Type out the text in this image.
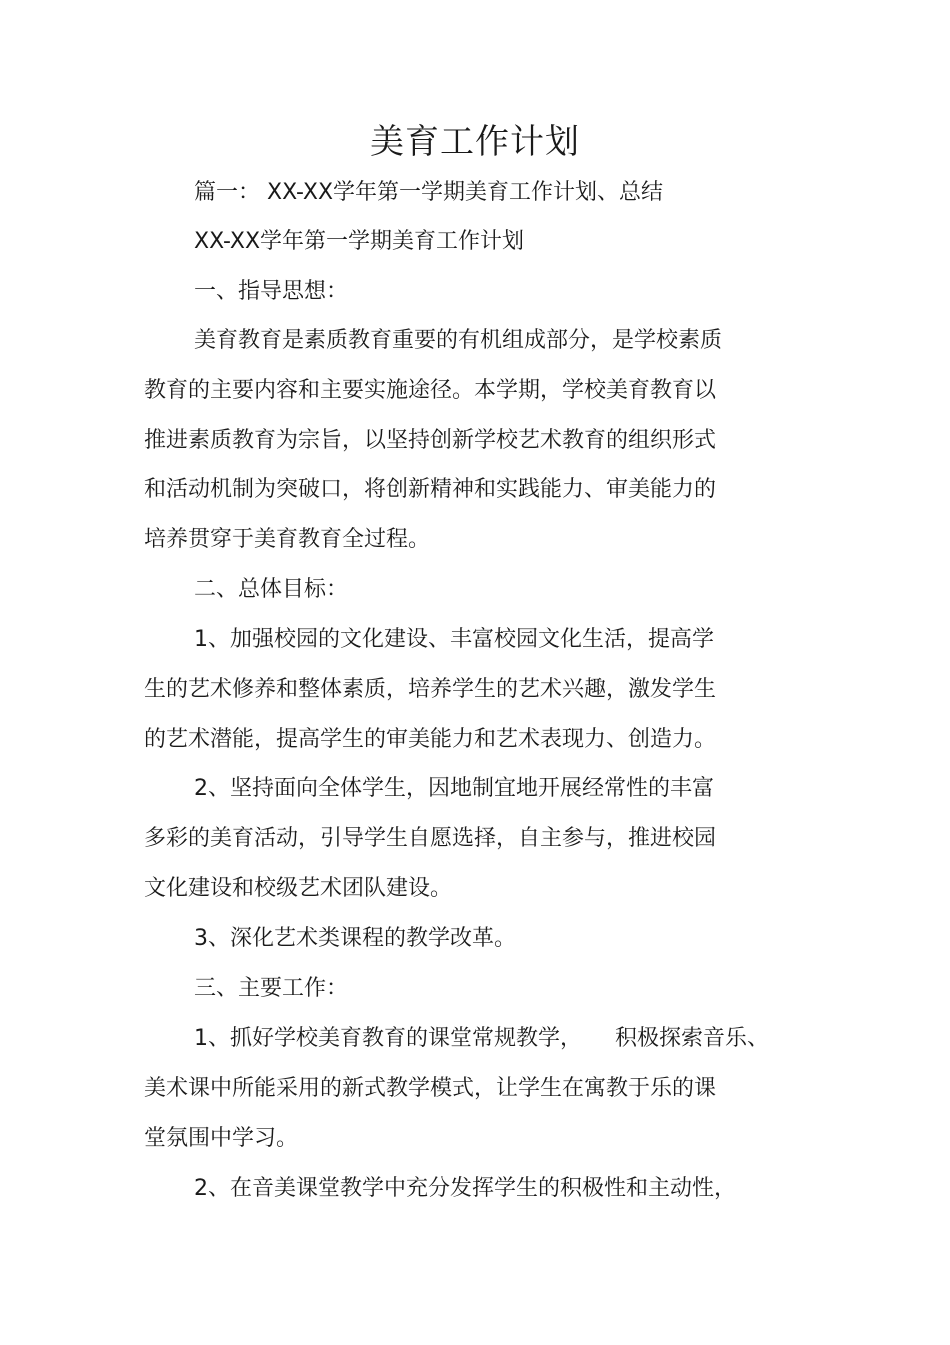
美育工作计划

篇一： XX-XX学年第一学期美育工作计划、总结

XX-XX学年第一学期美育工作计划

一、指导思想：

美育教育是素质教育重要的有机组成部分，是学校素质

教育的主要内容和主要实施途径。本学期，学校美育教育以

推进素质教育为宗旨，以坚持创新学校艺术教育的组织形式

和活动机制为突破口，将创新精神和实践能力、审美能力的

培养贯穿于美育教育全过程。

二、总体目标：

1、加强校园的文化建设、丰富校园文化生活，提高学

生的艺术修养和整体素质，培养学生的艺术兴趣，激发学生

的艺术潜能，提高学生的审美能力和艺术表现力、创造力。

2、坚持面向全体学生，因地制宜地开展经常性的丰富

多彩的美育活动，引导学生自愿选择，自主参与，推进校园

文化建设和校级艺术团队建设。

3、深化艺术类课程的教学改革。

三、主要工作：

1、抓好学校美育教育的课堂常规教学，　　积极探索音乐、

美术课中所能采用的新式教学模式，让学生在寓教于乐的课

堂氛围中学习。

2、在音美课堂教学中充分发挥学生的积极性和主动性，
